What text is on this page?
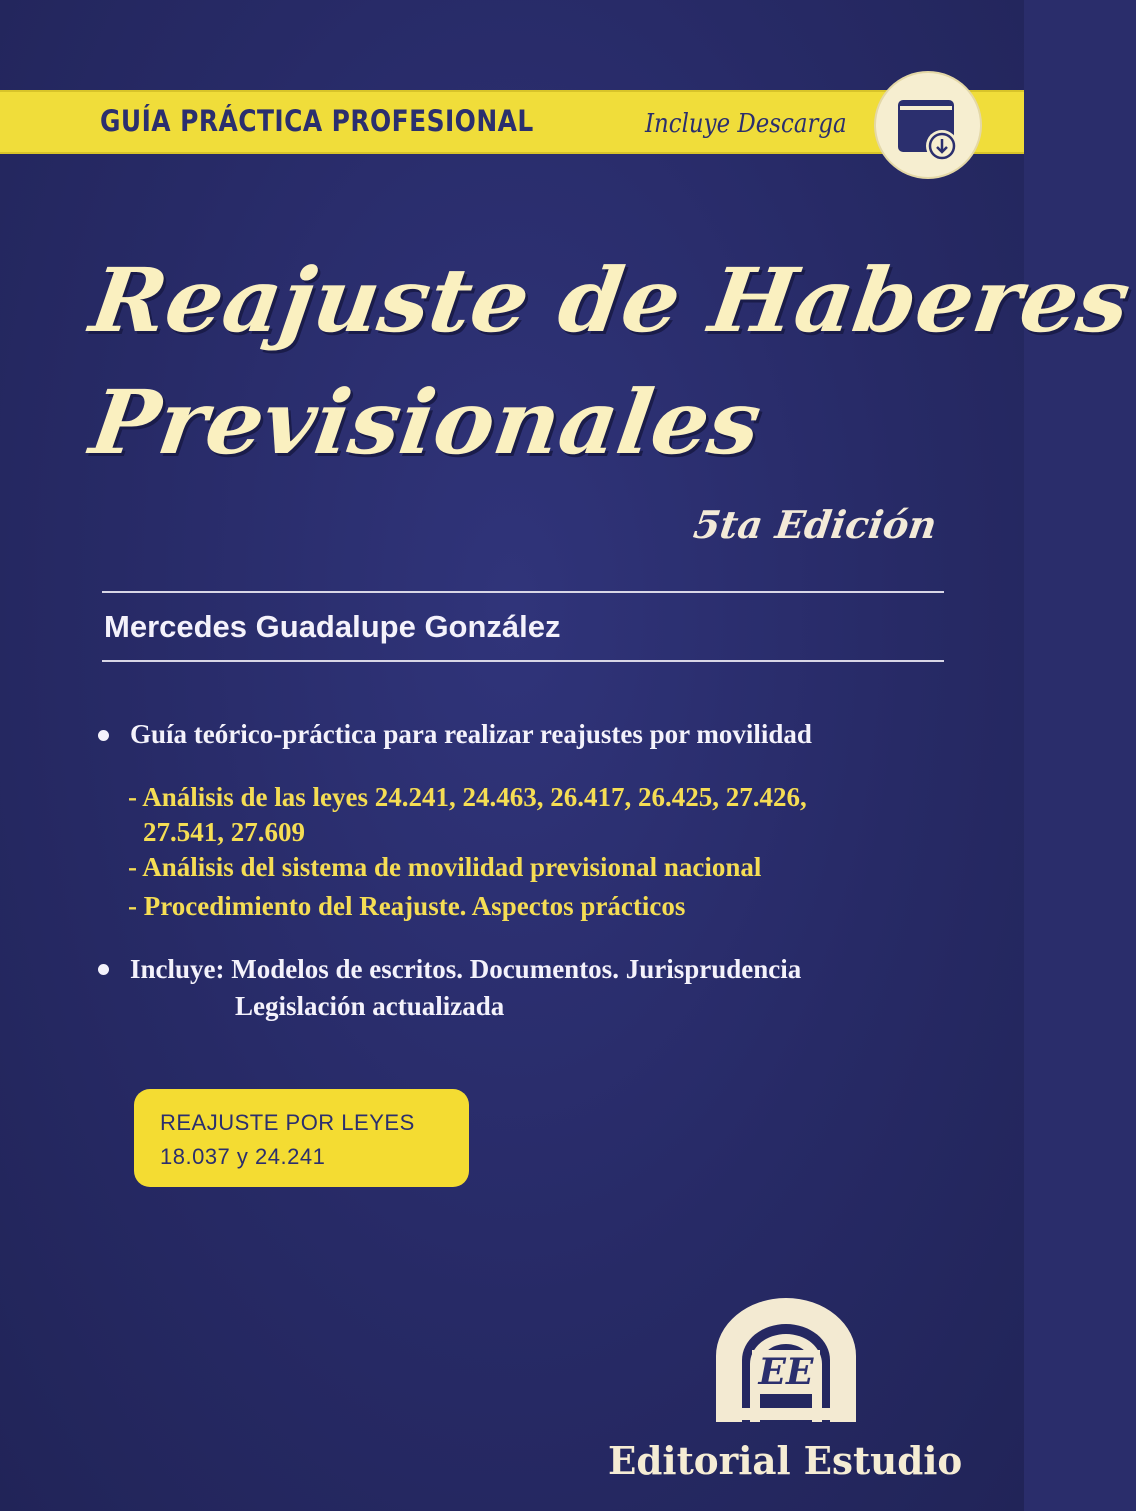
GUÍA PRÁCTICA PROFESIONAL	Incluye Descarga
Reajuste de Haberes
Previsionales
5ta Edición
Mercedes Guadalupe González
Guía teórico-práctica para realizar reajustes por movilidad
- Análisis de las leyes 24.241, 24.463, 26.417, 26.425, 27.426,
27.541, 27.609
- Análisis del sistema de movilidad previsional nacional
- Procedimiento del Reajuste. Aspectos prácticos
Incluye: Modelos de escritos. Documentos. Jurisprudencia
Legislación actualizada
REAJUSTE POR LEYES
18.037 y 24.241
EE
Editorial Estudio
